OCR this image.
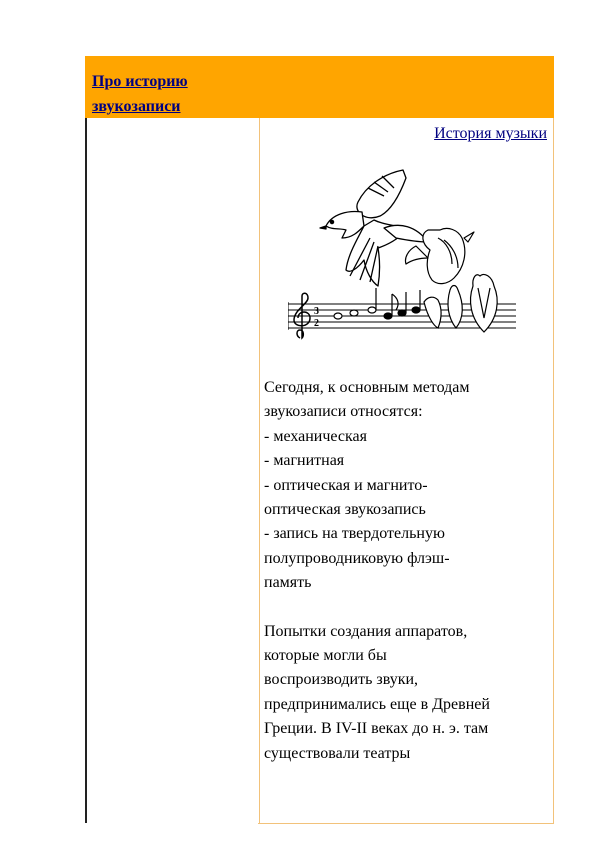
Про историю
звукозаписи
История музыки
3
2
Сегодня, к основным методам
звукозаписи относятся:
- механическая
- магнитная
- оптическая и магнито-
оптическая звукозапись
- запись на твердотельную
полупроводниковую флэш-
память
Попытки создания аппаратов,
которые могли бы
воспроизводить звуки,
предпринимались еще в Древней
Греции. В IV-II веках до н. э. там
существовали театры
